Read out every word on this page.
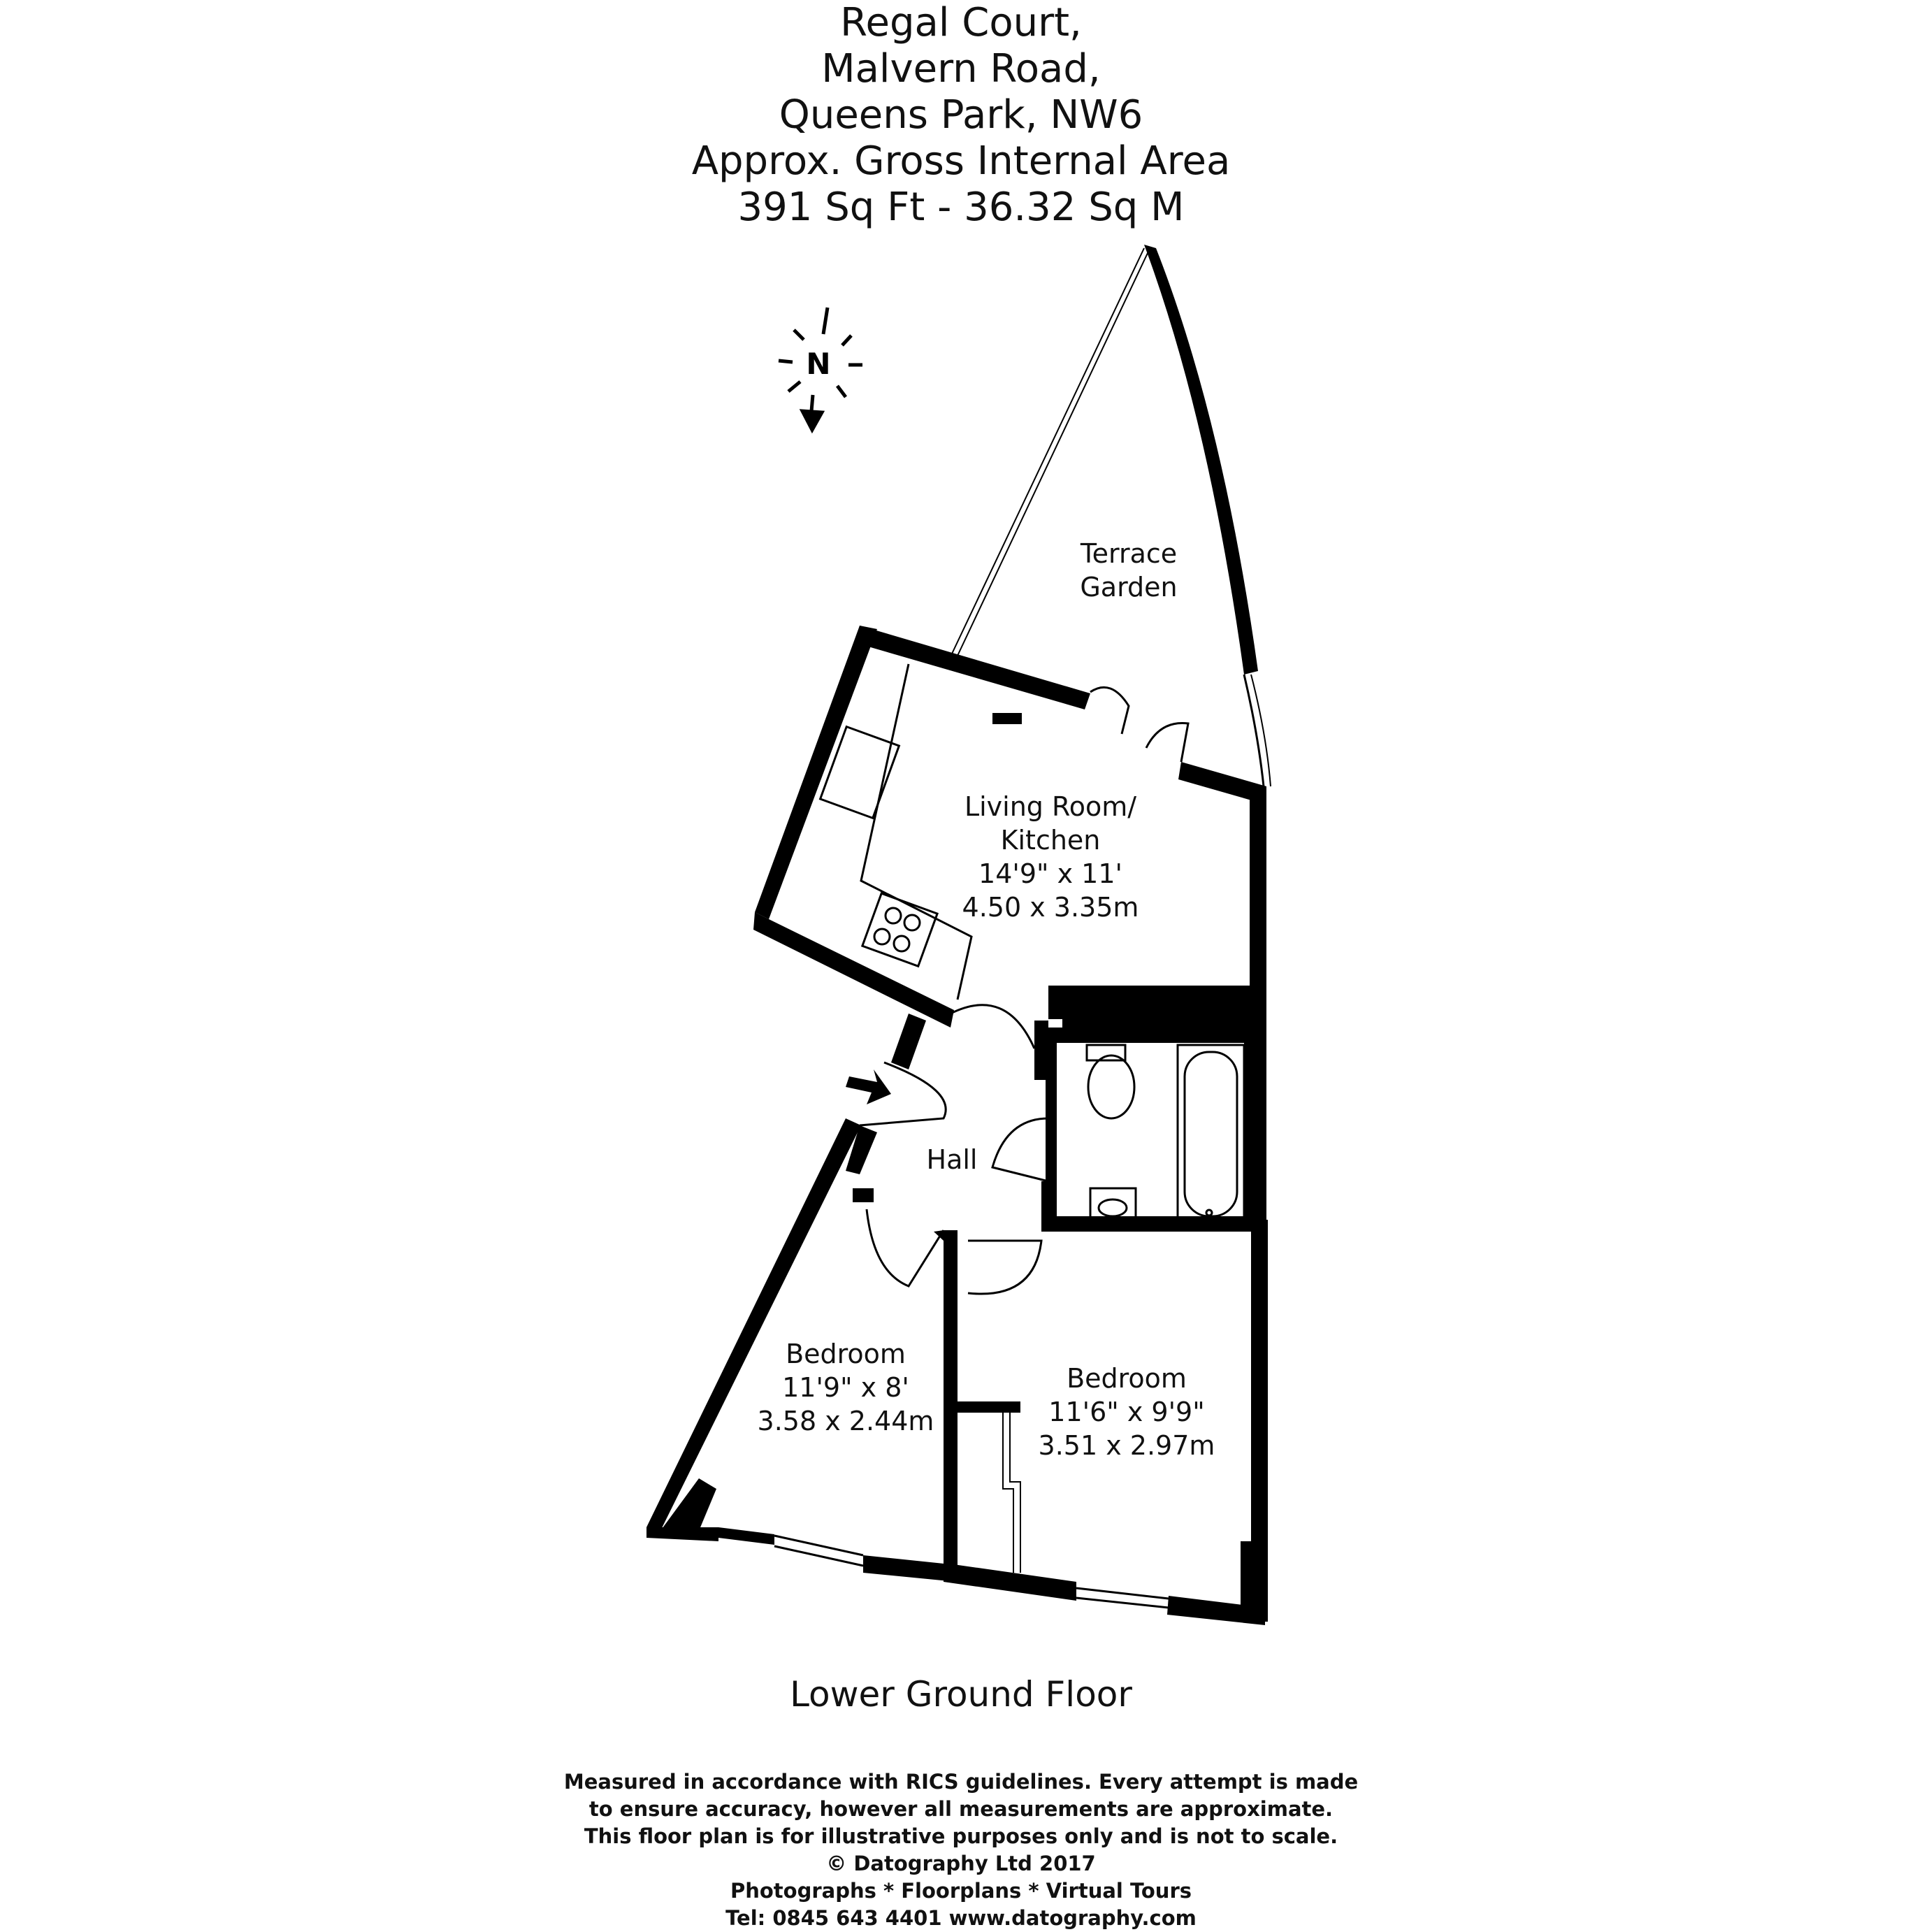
Regal Court,
Malvern Road,
Queens Park, NW6
Approx. Gross Internal Area
391 Sq Ft - 36.32 Sq M
N
Terrace
Garden
Living Room/
Kitchen
14'9" x 11'
4.50 x 3.35m
Hall
Bedroom
11'9" x 8'
3.58 x 2.44m
Bedroom
11'6" x 9'9"
3.51 x 2.97m
Lower Ground Floor
Measured in accordance with RICS guidelines. Every attempt is made
to ensure accuracy, however all measurements are approximate.
This floor plan is for illustrative purposes only and is not to scale.
© Datography Ltd 2017
Photographs * Floorplans * Virtual Tours
Tel: 0845 643 4401 www.datography.com
